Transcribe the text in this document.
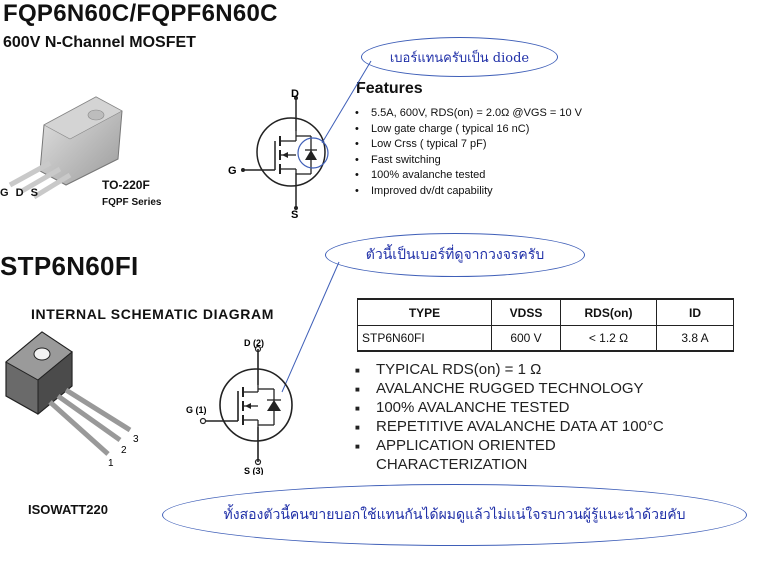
FQP6N60C/FQPF6N60C
600V N-Channel MOSFET
G D S
TO-220F
FQPF Series
D
G
S
Features
• 5.5A, 600V, RDS(on) = 2.0Ω @VGS = 10 V
• Low gate charge ( typical 16 nC)
• Low Crss ( typical 7 pF)
• Fast switching
• 100% avalanche tested
• Improved dv/dt capability
เบอร์แทนครับเป็น diode
ตัวนี้เป็นเบอร์ที่ดูจากวงจรครับ
STP6N60FI
INTERNAL SCHEMATIC DIAGRAM
1
2
3
ISOWATT220
D (2)
G (1)
S (3)
TYPE	VDSS	RDS(on)	ID
STP6N60FI	600 V	< 1.2 Ω	3.8 A
■ TYPICAL RDS(on) = 1 Ω
■ AVALANCHE RUGGED TECHNOLOGY
■ 100% AVALANCHE TESTED
■ REPETITIVE AVALANCHE DATA AT 100°C
■ APPLICATION ORIENTED
CHARACTERIZATION
ทั้งสองตัวนี้คนขายบอกใช้แทนกันได้ผมดูแล้วไม่แน่ใจรบกวนผู้รู้แนะนำด้วยคับ
